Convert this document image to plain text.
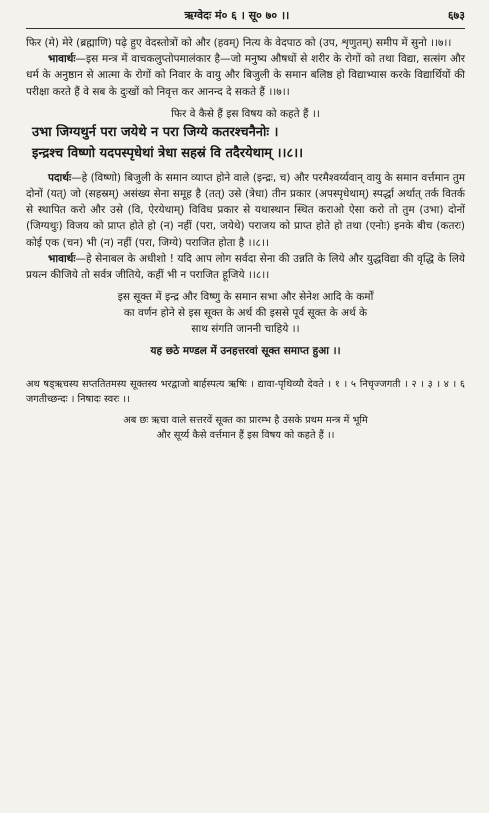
ऋग्वेदः मं० ६ । सू० ७० ।।	६७३

फिर (मे) मेरे (ब्रह्माणि) पढ़े हुए वेदस्तोत्रों को और (हवम्) नित्य के वेदपाठ को (उप, शृणुतम्) समीप में सुनो ।।७।।

भावार्थः—इस मन्त्र में वाचकलुप्तोपमालंकार है—जो मनुष्य औषधों से शरीर के रोगों को तथा विद्या, सत्संग और धर्म के अनुष्ठान से आत्मा के रोगों को निवार के वायु और बिजुली के समान बलिष्ठ हो विद्याभ्यास करके विद्यार्थियों की परीक्षा करते हैं वे सब के दुःखों को निवृत्त कर आनन्द दे सकते हैं ।।७।।

फिर वे कैसे हैं इस विषय को कहते हैं ।।
उभा जिग्यथुर्न परा जयेथे न परा जिग्ये कतरश्चनैनोः ।
इन्द्रश्च विष्णो यदपस्पृधेथां त्रेधा सहस्रं वि तदैरयेथाम् ।।८।।

पदार्थः—हे (विष्णो) बिजुली के समान व्याप्त होने वाले (इन्द्रः, च) और परमैश्वर्य्यवान् वायु के समान वर्त्तमान तुम दोनों (यत्) जो (सहस्रम्) असंख्य सेना समूह है (तत्) उसे (त्रेधा) तीन प्रकार (अपस्पृधेथाम्) स्पर्द्धा अर्थात् तर्क वितर्क से स्थापित करो और उसे (वि, ऐरयेथाम्) विविध प्रकार से यथास्थान स्थित कराओ ऐसा करो तो तुम (उभा) दोनों (जिग्यथुः) विजय को प्राप्त होते हो (न) नहीं (परा, जयेथे) पराजय को प्राप्त होते हो तथा (एनोः) इनके बीच (कतरः) कोई एक (चन) भी (न) नहीं (परा, जिग्ये) पराजित होता है ।।८।।

भावार्थः—हे सेनाबल के अधीशो ! यदि आप लोग सर्वदा सेना की उन्नति के लिये और युद्धविद्या की वृद्धि के लिये प्रयत्न कीजिये तो सर्वत्र जीतिये, कहीं भी न पराजित हूजिये ।।८।।

इस सूक्त में इन्द्र और विष्णु के समान सभा और सेनेश आदि के कर्मों
का वर्णन होने से इस सूक्त के अर्थ की इससे पूर्व सूक्त के अर्थ के
साथ संगति जाननी चाहिये ।।
यह छठे मण्डल में उनहत्तरवां सूक्त समाप्त हुआ ।।

अथ षड्ऋचस्य सप्ततितमस्य सूक्तस्य भरद्वाजो बार्हस्पत्य ऋषिः । द्यावा-पृथिव्यौ देवते । १ । ५ निचृज्जगती । २ । ३ । ४ । ६ जगतीच्छन्दः । निषादः स्वरः ।।

अब छः ऋचा वाले सत्तरवें सूक्त का प्रारम्भ है उसके प्रथम मन्त्र में भूमि
और सूर्य्य कैसे वर्त्तमान हैं इस विषय को कहते हैं ।।
